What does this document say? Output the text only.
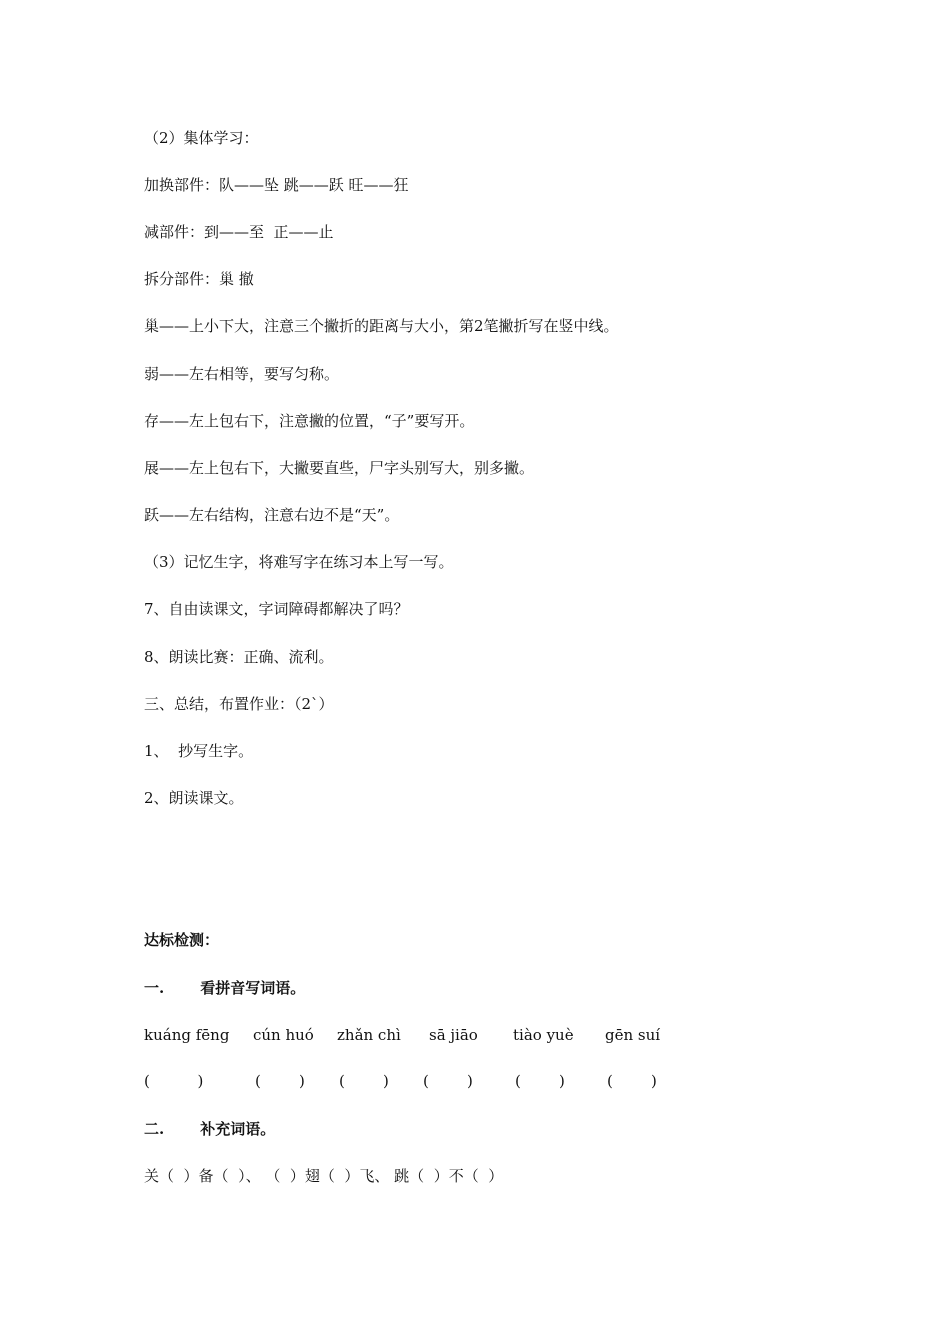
（2）集体学习：

加换部件：队——坠 跳——跃 旺——狂

减部件：到——至  正——止

拆分部件：巢 撤

巢——上小下大，注意三个撇折的距离与大小，第2笔撇折写在竖中线。

弱——左右相等，要写匀称。

存——左上包右下，注意撇的位置，“子”要写开。

展——左上包右下，大撇要直些，尸字头别写大，别多撇。

跃——左右结构，注意右边不是“天”。

（3）记忆生字，将难写字在练习本上写一写。

7、自由读课文，字词障碍都解决了吗？

8、朗读比赛：正确、流利。

三、总结，布置作业：（2`）

1、  抄写生字。

2、朗读课文。

达标检测：

一. 看拼音写词语。
kuáng fēng cún huó zhǎn chì sā jiāo tiào yuè gēn suí
(          )	(        ) (        ) (        )	(        )	(        )
二. 补充词语。

关（  ）备（  ）、 （  ）翅（  ）飞、 跳（  ）不（  ）
